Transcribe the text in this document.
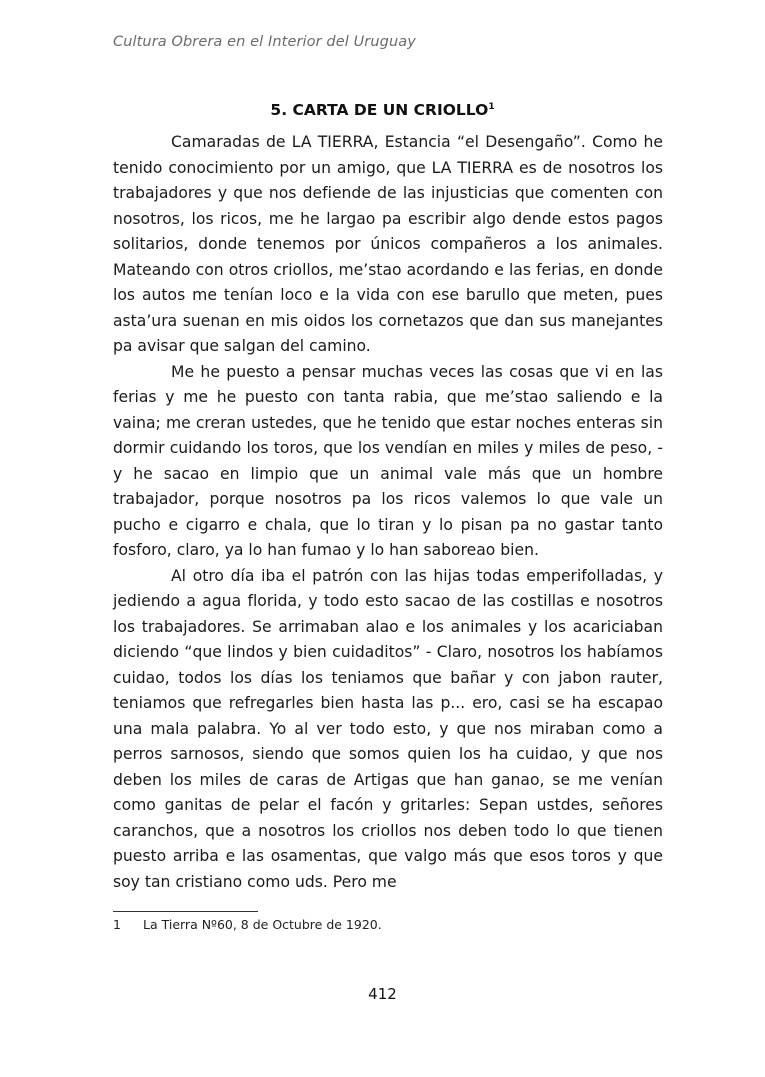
Cultura Obrera en el Interior del Uruguay
5. CARTA DE UN CRIOLLO$^1$

Camaradas de LA TIERRA, Estancia “el Desengaño”. Como he tenido conocimiento por un amigo, que LA TIERRA es de nosotros los trabajadores y que nos defiende de las injusticias que comenten con nosotros, los ricos, me he largao pa escribir algo dende estos pagos solitarios, donde tenemos por únicos compañeros a los animales. Mateando con otros criollos, me’stao acordando e las ferias, en donde los autos me tenían loco e la vida con ese barullo que meten, pues asta’ura suenan en mis oidos los cornetazos que dan sus manejantes pa avisar que salgan del camino.

Me he puesto a pensar muchas veces las cosas que vi en las ferias y me he puesto con tanta rabia, que me’stao saliendo e la vaina; me creran ustedes, que he tenido que estar noches enteras sin dormir cuidando los toros, que los vendían en miles y miles de peso, - y he sacao en limpio que un animal vale más que un hombre trabajador, porque nosotros pa los ricos valemos lo que vale un pucho e cigarro e chala, que lo tiran y lo pisan pa no gastar tanto fosforo, claro, ya lo han fumao y lo han saboreao bien.

Al otro día iba el patrón con las hijas todas emperifolladas, y jediendo a agua florida, y todo esto sacao de las costillas e nosotros los trabajadores. Se arrimaban alao e los animales y los acariciaban diciendo “que lindos y bien cuidaditos” - Claro, nosotros los habíamos cuidao, todos los días los teniamos que bañar y con jabon rauter, teniamos que refregarles bien hasta las p... ero, casi se ha escapao una mala palabra. Yo al ver todo esto, y que nos miraban como a perros sarnosos, siendo que somos quien los ha cuidao, y que nos deben los miles de caras de Artigas que han ganao, se me venían como ganitas de pelar el facón y gritarles: Sepan ustdes, señores caranchos, que a nosotros los criollos nos deben todo lo que tienen puesto arriba e las osamentas, que valgo más que esos toros y que soy tan cristiano como uds. Pero me

1 La Tierra Nº60, 8 de Octubre de 1920.
412
